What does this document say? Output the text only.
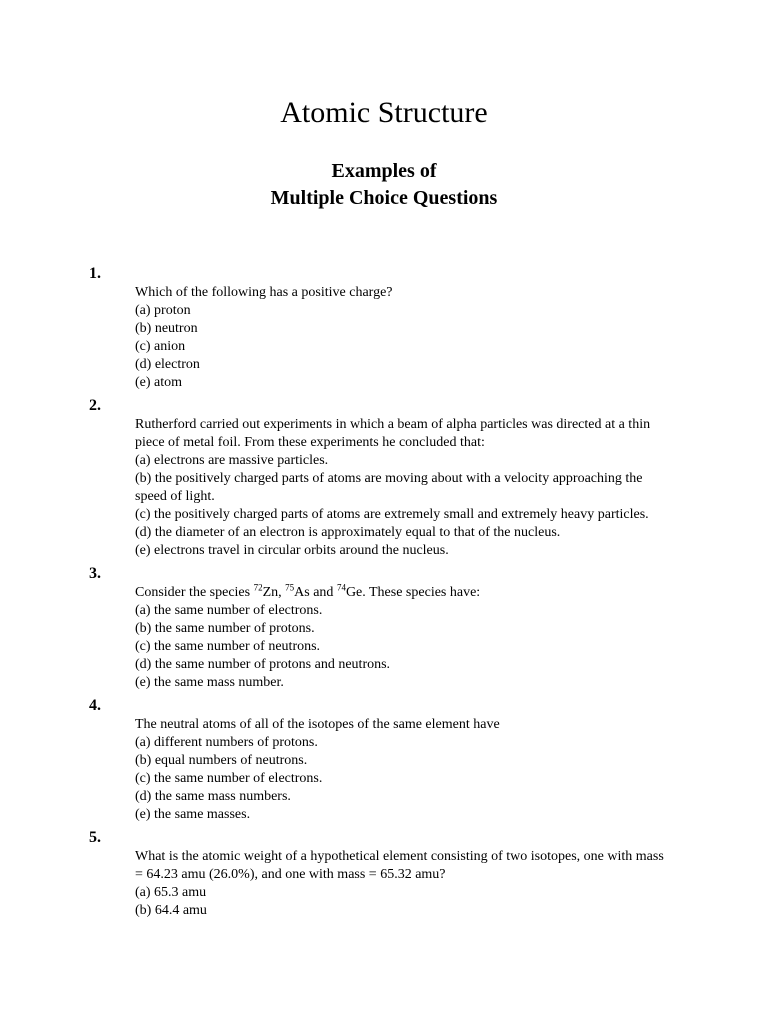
Atomic Structure
Examples of
Multiple Choice Questions
1.
Which of the following has a positive charge?
(a) proton
(b) neutron
(c) anion
(d) electron
(e) atom
2.
Rutherford carried out experiments in which a beam of alpha particles was directed at a thin piece of metal foil. From these experiments he concluded that:
(a) electrons are massive particles.
(b) the positively charged parts of atoms are moving about with a velocity approaching the speed of light.
(c) the positively charged parts of atoms are extremely small and extremely heavy particles.
(d) the diameter of an electron is approximately equal to that of the nucleus.
(e) electrons travel in circular orbits around the nucleus.
3.
Consider the species $^{72}$Zn, $^{75}$As and $^{74}$Ge. These species have:
(a) the same number of electrons.
(b) the same number of protons.
(c) the same number of neutrons.
(d) the same number of protons and neutrons.
(e) the same mass number.
4.
The neutral atoms of all of the isotopes of the same element have
(a) different numbers of protons.
(b) equal numbers of neutrons.
(c) the same number of electrons.
(d) the same mass numbers.
(e) the same masses.
5.
What is the atomic weight of a hypothetical element consisting of two isotopes, one with mass = 64.23 amu (26.0%), and one with mass = 65.32 amu?
(a) 65.3 amu
(b) 64.4 amu
